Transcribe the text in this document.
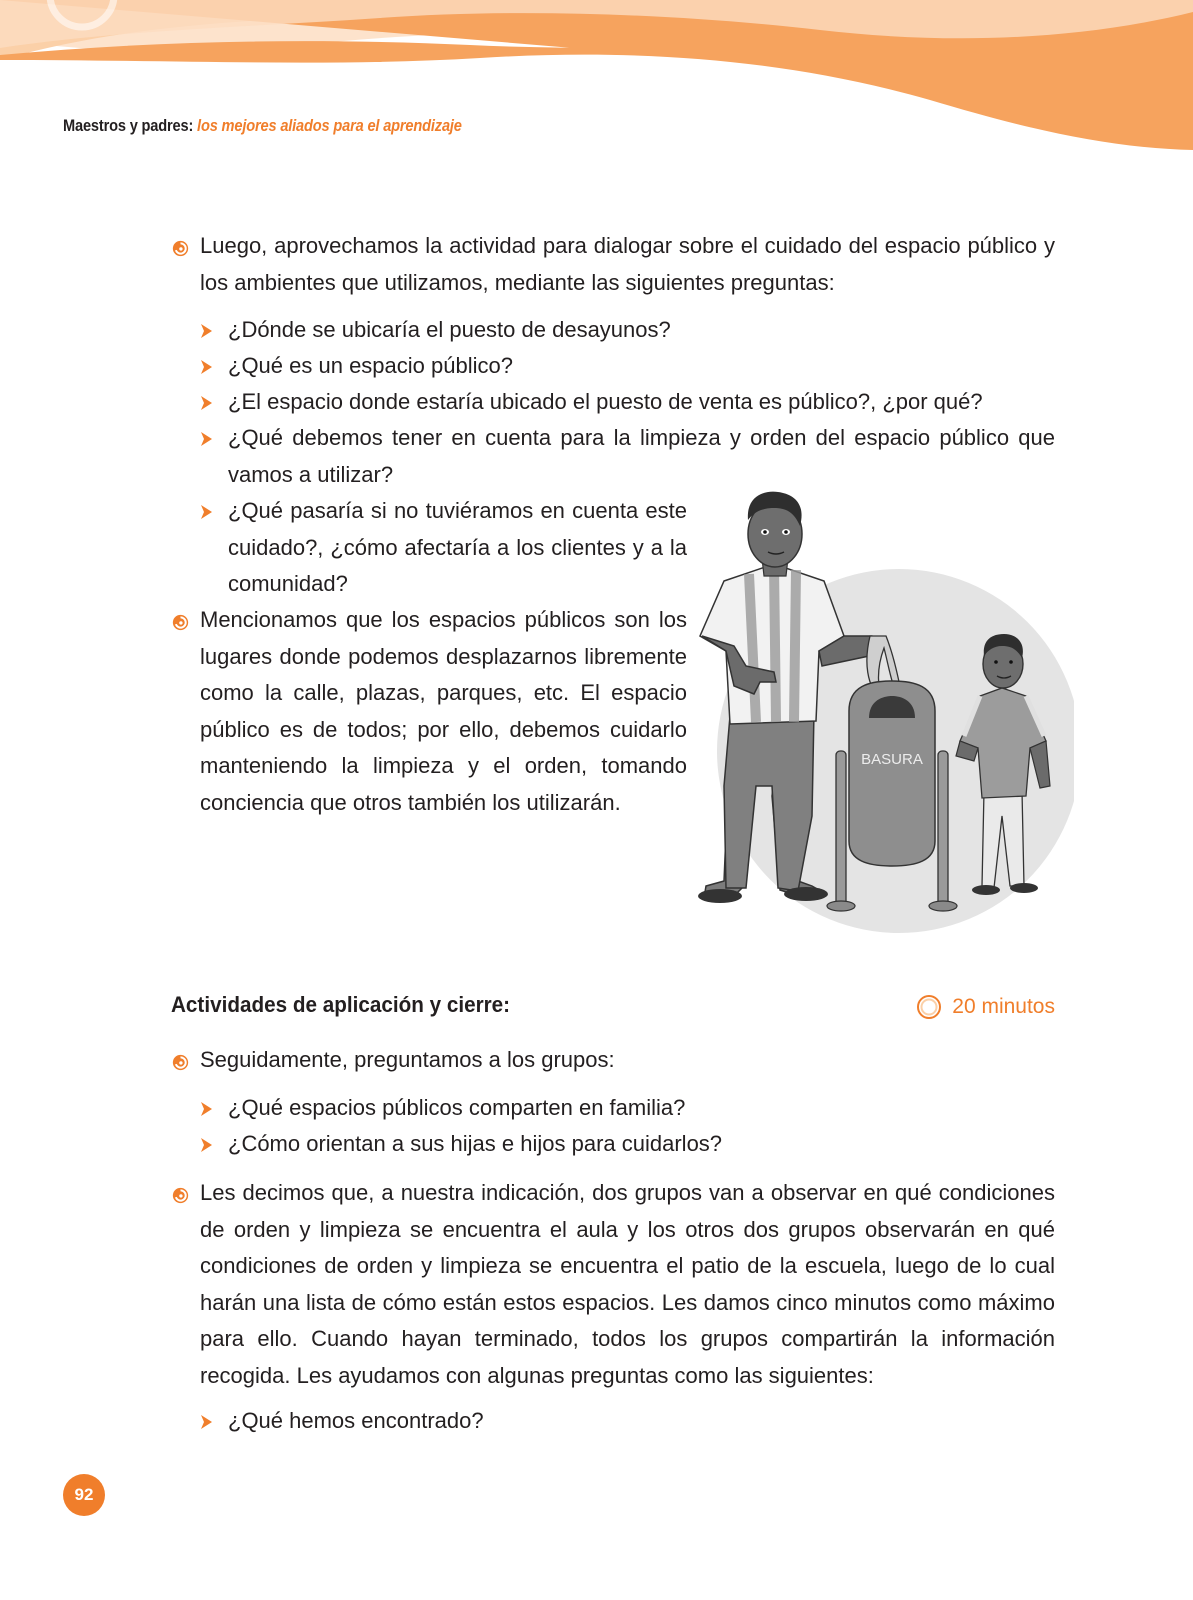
Maestros y padres: los mejores aliados para el aprendizaje
Luego, aprovechamos la actividad para dialogar sobre el cuidado del espacio público y los ambientes que utilizamos, mediante las siguientes preguntas:
¿Dónde se ubicaría el puesto de desayunos?
¿Qué es un espacio público?
¿El espacio donde estaría ubicado el puesto de venta es público?, ¿por qué?
¿Qué debemos tener en cuenta para la limpieza y orden del espacio público que vamos a utilizar?
¿Qué pasaría si no tuviéramos en cuenta este cuidado?, ¿cómo afectaría a los clientes y a la comunidad?
Mencionamos que los espacios públicos son los lugares donde podemos desplazarnos libremente como la calle, plazas, parques, etc. El espacio público es de todos; por ello, debemos cuidarlo manteniendo la limpieza y el orden, tomando conciencia que otros también los utilizarán.
BASURA
Actividades de aplicación y cierre:	20 minutos
Seguidamente, preguntamos a los grupos:
¿Qué espacios públicos comparten en familia?
¿Cómo orientan a sus hijas e hijos para cuidarlos?
Les decimos que, a nuestra indicación, dos grupos van a observar en qué condiciones de orden y limpieza se encuentra el aula y los otros dos grupos observarán en qué condiciones de orden y limpieza se encuentra el patio de la escuela, luego de lo cual harán una lista de cómo están estos espacios. Les damos cinco minutos como máximo para ello. Cuando hayan terminado, todos los grupos compartirán la información recogida. Les ayudamos con algunas preguntas como las siguientes:
¿Qué hemos encontrado?
92
